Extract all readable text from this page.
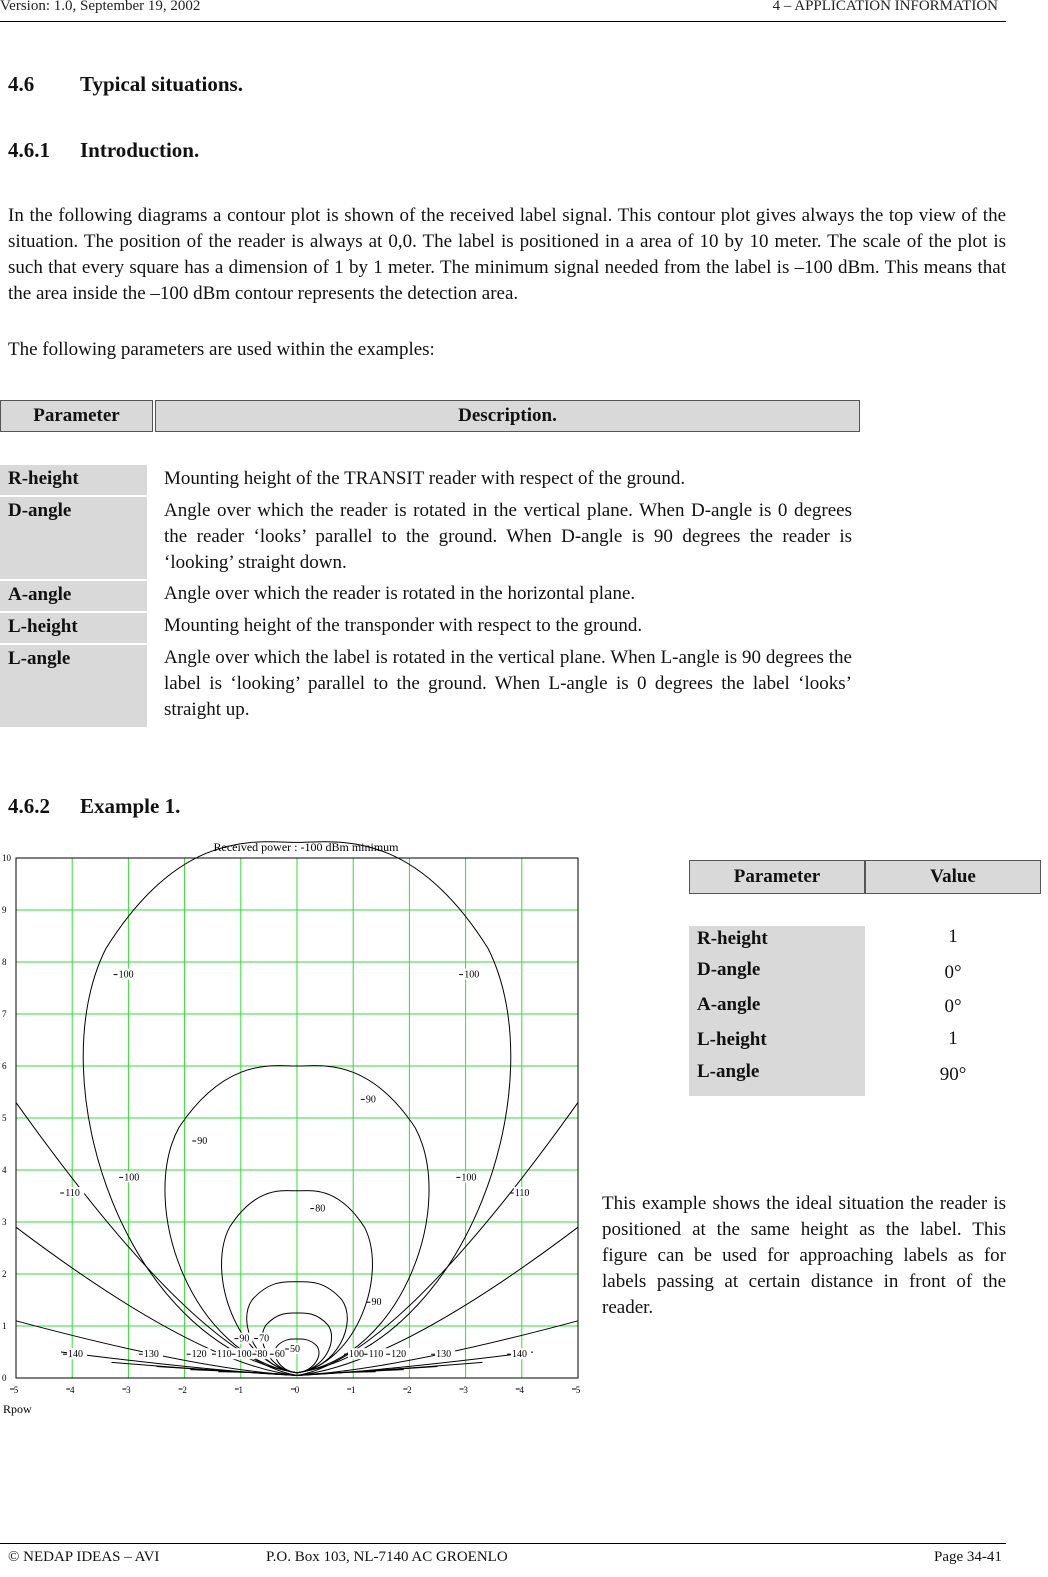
Version: 1.0, September 19, 2002	4 – APPLICATION INFORMATION
4.6 Typical situations.
4.6.1 Introduction.
In the following diagrams a contour plot is shown of the received label signal. This contour plot gives always the top view of the situation. The position of the reader is always at 0,0. The label is positioned in a area of 10 by 10 meter. The scale of the plot is such that every square has a dimension of 1 by 1 meter. The minimum signal needed from the label is –100 dBm. This means that the area inside the –100 dBm contour represents the detection area.
The following parameters are used within the examples:
Parameter	Description.
R-height	Mounting height of the TRANSIT reader with respect of the ground.
D-angle	Angle over which the reader is rotated in the vertical plane. When D-angle is 0 degrees the reader ‘looks’ parallel to the ground. When D-angle is 90 degrees the reader is ‘looking’ straight down.
A-angle	Angle over which the reader is rotated in the horizontal plane.
L-height	Mounting height of the transponder with respect to the ground.
L-angle	Angle over which the label is rotated in the vertical plane. When L-angle is 90 degrees the label is ‘looking’ parallel to the ground. When L-angle is 0 degrees the label ‘looks’ straight up.
4.6.2 Example 1.
Received power : -100 dBm minimum
100	100
90
90
100	100
110	110
80
90
90 70
140	130	120 110 100 80 60 50	100 110 120	130	140
5	4	3	2	1	0	1	2	3	4	5
0
1
2
3
4
5
6
7
8
9
10
Rpow
Parameter	Value
R-height	1
D-angle	0°
A-angle	0°
L-height	1
L-angle	90°
This example shows the ideal situation the reader is positioned at the same height as the label. This figure can be used for approaching labels as for labels passing at certain distance in front of the reader.
© NEDAP IDEAS – AVI	P.O. Box 103, NL-7140 AC GROENLO	Page 34-41
